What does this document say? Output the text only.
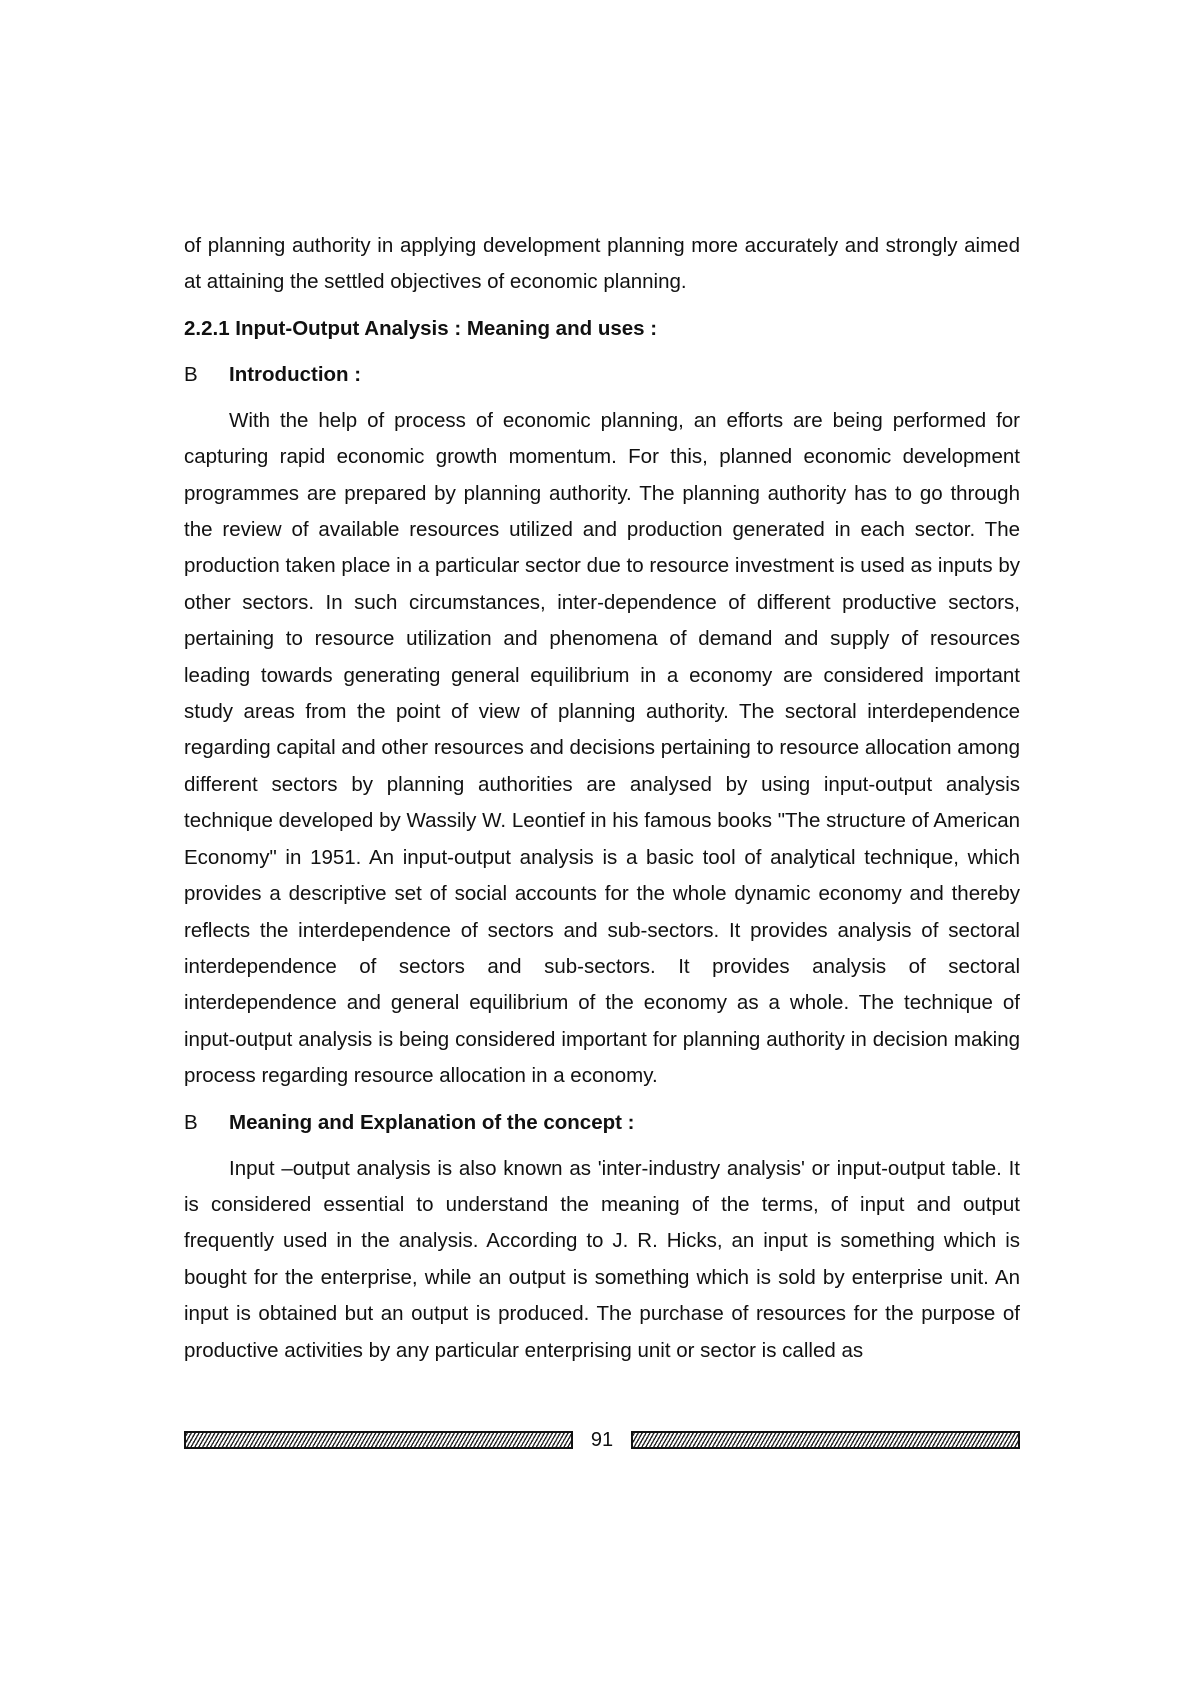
of planning authority in applying development planning more accurately and strongly aimed at attaining the settled objectives of economic planning.

2.2.1 Input-Output Analysis : Meaning and uses :

B	Introduction :

With the help of process of economic planning, an efforts are being performed for capturing rapid economic growth momentum. For this, planned economic development programmes are prepared by planning authority. The planning authority has to go through the review of available resources utilized and production generated in each sector. The production taken place in a particular sector due to resource investment is used as inputs by other sectors. In such circumstances, inter-dependence of different productive sectors, pertaining to resource utilization and phenomena of demand and supply of resources leading towards generating general equilibrium in a economy are considered important study areas from the point of view of planning authority. The sectoral interdependence regarding capital and other resources and decisions pertaining to resource allocation among different sectors by planning authorities are analysed by using input-output analysis technique developed by Wassily W. Leontief in his famous books "The structure of American Economy" in 1951. An input-output analysis is a basic tool of analytical technique, which provides a descriptive set of social accounts for the whole dynamic economy and thereby reflects the interdependence of sectors and sub-sectors. It provides analysis of sectoral interdependence of sectors and sub-sectors. It provides analysis of sectoral interdependence and general equilibrium of the economy as a whole. The technique of input-output analysis is being considered important for planning authority in decision making process regarding resource allocation in a economy.

B	Meaning and Explanation of the concept :

Input –output analysis is also known as 'inter-industry analysis' or input-output table. It is considered essential to understand the meaning of the terms, of input and output frequently used in the analysis. According to J. R. Hicks, an input is something which is bought for the enterprise, while an output is something which is sold by enterprise unit. An input is obtained but an output is produced. The purchase of resources for the purpose of productive activities by any particular enterprising unit or sector is called as

91
